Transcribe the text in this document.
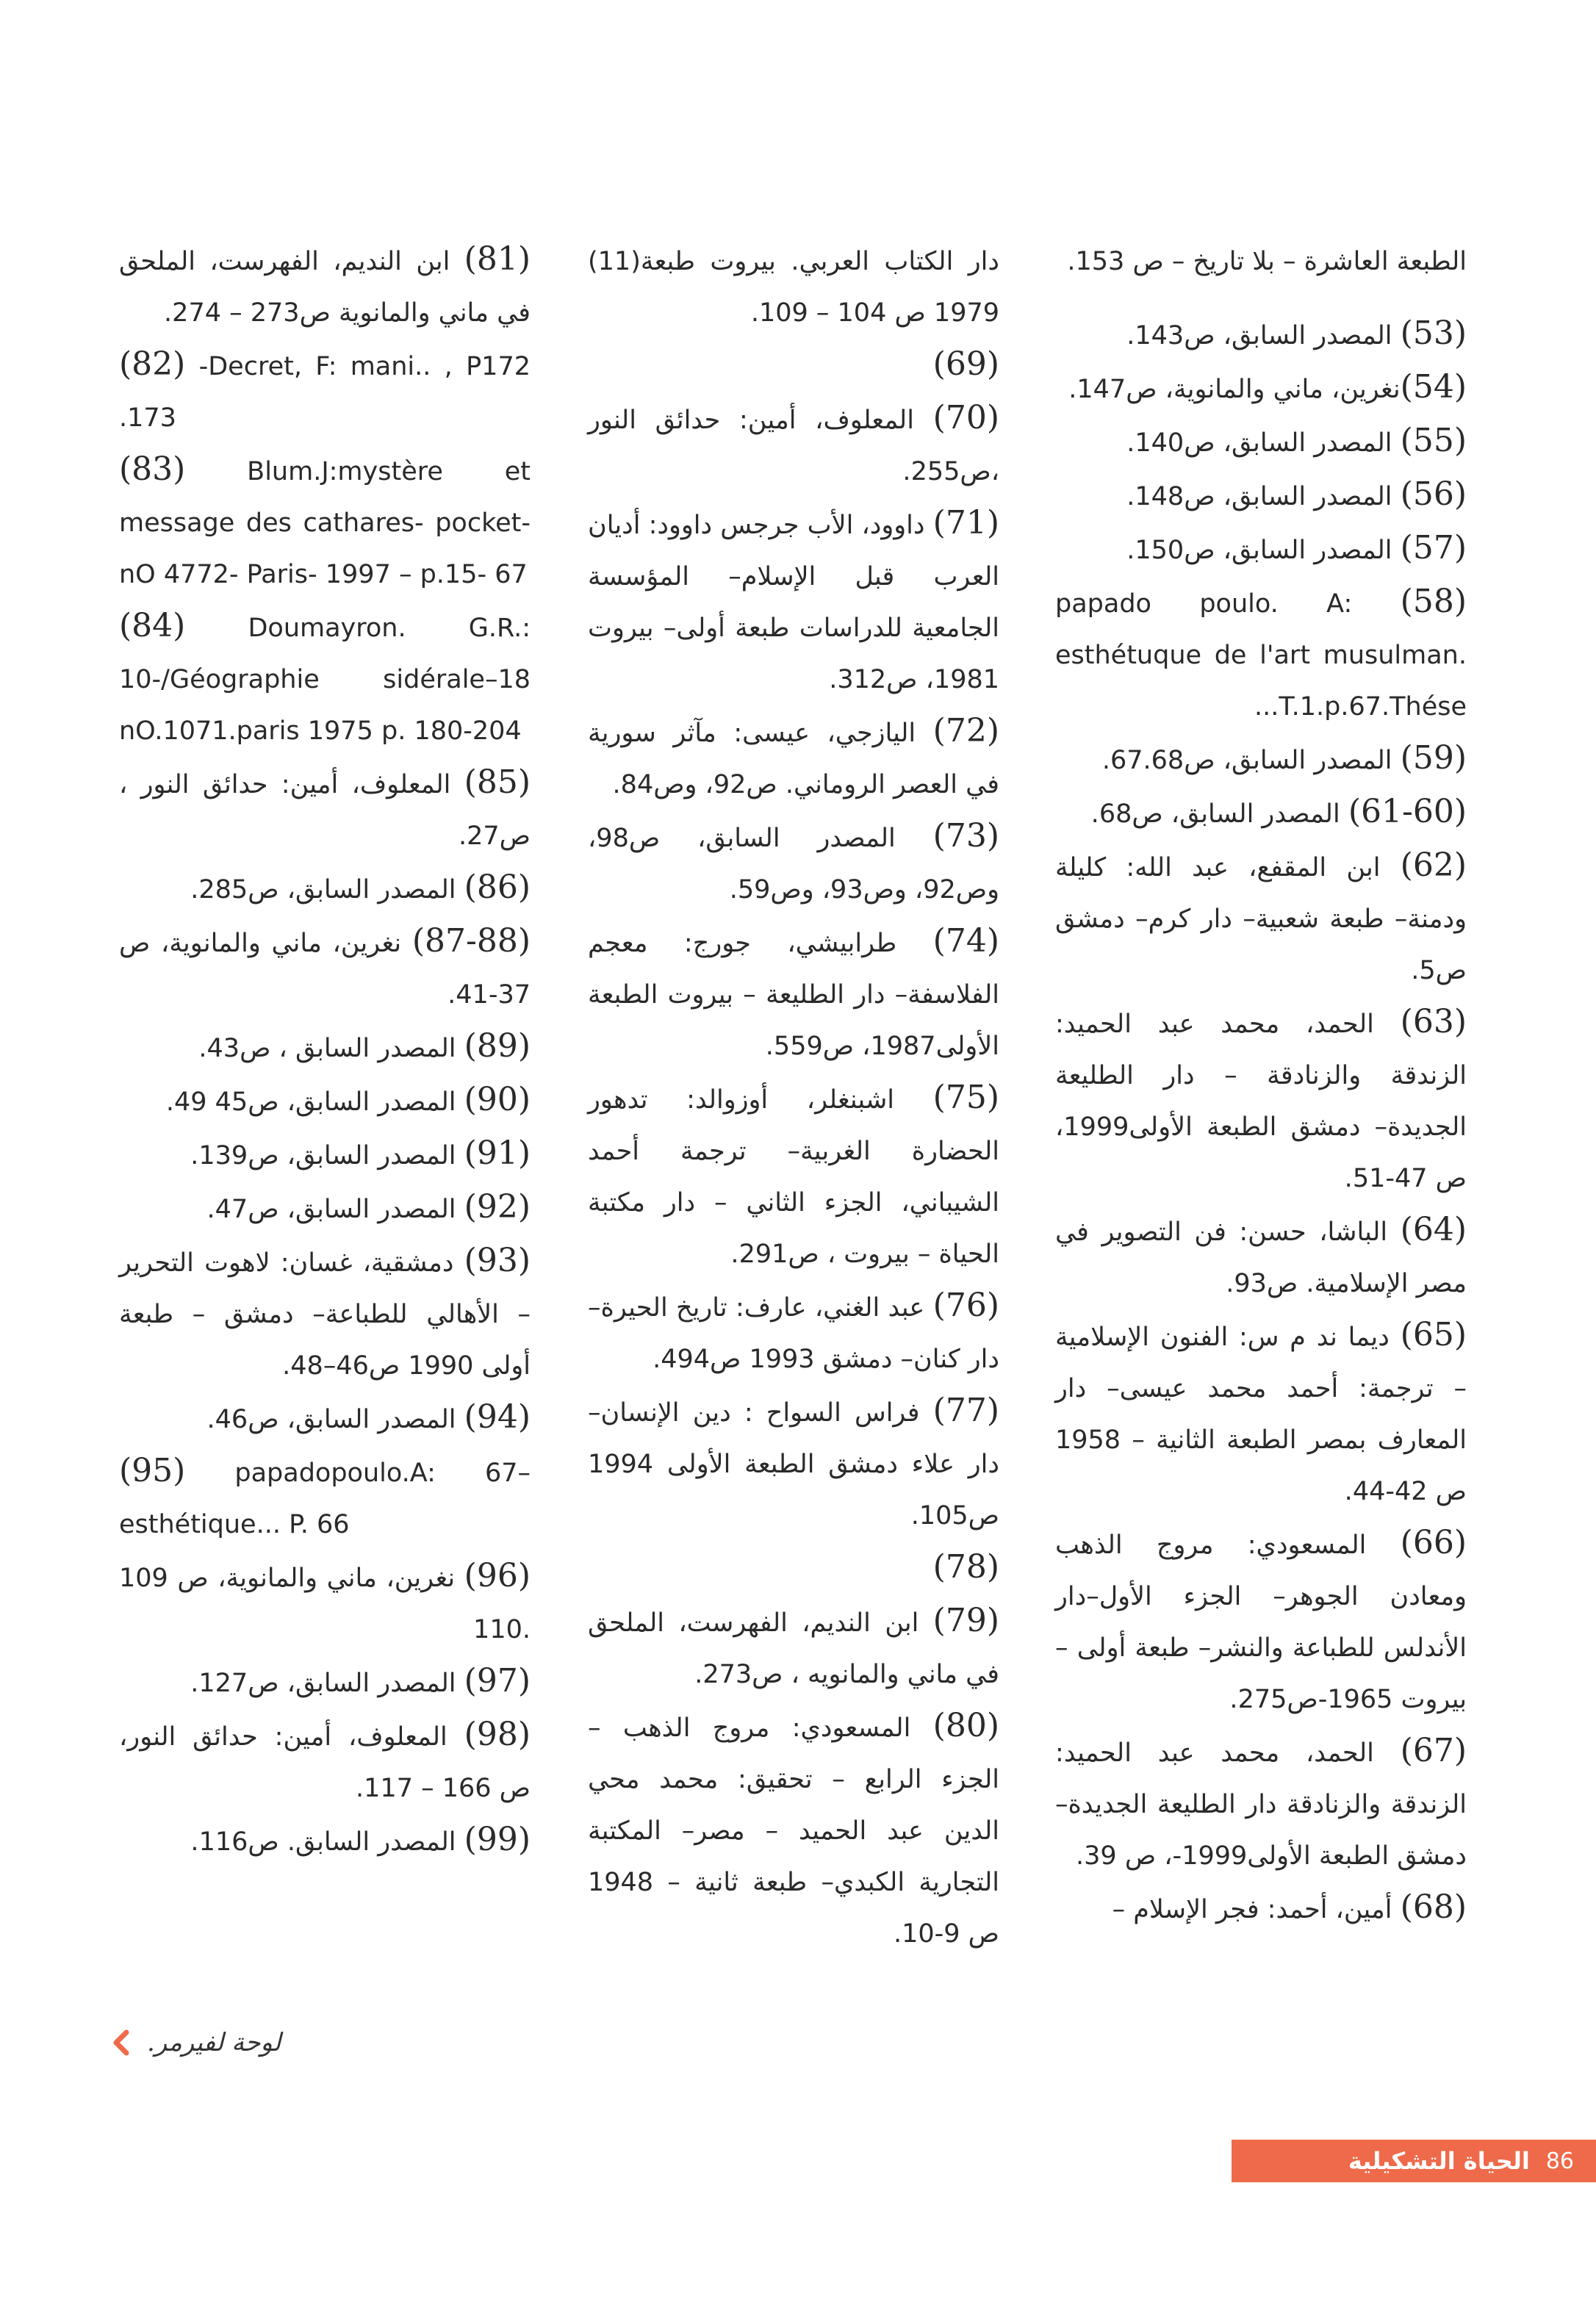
الطبعة العاشرة – بلا تاريخ – ص 153.

(53) المصدر السابق، ص143.

(54)نغرين، ماني والمانوية، ص147.

(55) المصدر السابق، ص140.

(56) المصدر السابق، ص148.

(57) المصدر السابق، ص150.

(58) papado poulo. A: esthétuque de l'art musulman. ...T.1.p.67.Thése

(59) المصدر السابق، ص67.68.

(61-60) المصدر السابق، ص68.

(62) ابن المقفع، عبد الله: كليلة ودمنة– طبعة شعبية– دار كرم– دمشق ص5.

(63) الحمد، محمد عبد الحميد: الزندقة والزنادقة – دار الطليعة الجديدة– دمشق الطبعة الأولى1999، ص 47-51.

(64) الباشا، حسن: فن التصوير في مصر الإسلامية. ص93.

(65) ديما ند م س: الفنون الإسلامية – ترجمة: أحمد محمد عيسى– دار المعارف بمصر الطبعة الثانية – 1958 ص 42-44.

(66) المسعودي: مروج الذهب ومعادن الجوهر– الجزء الأول–دار الأندلس للطباعة والنشر– طبعة أولى – بيروت 1965-ص275.

(67) الحمد، محمد عبد الحميد: الزندقة والزنادقة دار الطليعة الجديدة– دمشق الطبعة الأولى1999-، ص 39.

(68) أمين، أحمد: فجر الإسلام –

دار الكتاب العربي. بيروت طبعة(11) 1979 ص 104 – 109.

(69)

(70) المعلوف، أمين: حدائق النور ،ص255.

(71) داوود، الأب جرجس داوود: أديان العرب قبل الإسلام– المؤسسة الجامعية للدراسات طبعة أولى– بيروت 1981، ص312.

(72) اليازجي، عيسى: مآثر سورية في العصر الروماني. ص92، وص84.

(73) المصدر السابق، ص98، وص92، وص93، وص59.

(74) طرابيشي، جورج: معجم الفلاسفة– دار الطليعة – بيروت الطبعة الأولى1987، ص559.

(75) اشبنغلر، أوزوالد: تدهور الحضارة الغربية– ترجمة أحمد الشيباني، الجزء الثاني – دار مكتبة الحياة – بيروت ، ص291.

(76) عبد الغني، عارف: تاريخ الحيرة– دار كنان– دمشق 1993 ص494.

(77) فراس السواح : دين الإنسان– دار علاء دمشق الطبعة الأولى 1994 ص105.

(78)

(79) ابن النديم، الفهرست، الملحق في ماني والمانويه ، ص273.

(80) المسعودي: مروج الذهب – الجزء الرابع – تحقيق: محمد محي الدين عبد الحميد – مصر– المكتبة التجارية الكبدي– طبعة ثانية – 1948 ص 9-10.

(81) ابن النديم، الفهرست، الملحق في ماني والمانوية ص273 – 274.

(82) -Decret, F: mani.. , P172 .173

(83) Blum.J:mystère et message des cathares- pocket- nO 4772- Paris- 1997 – p.15- 67

(84) Doumayron. G.R.: 10-/Géographie sidérale–18 nO.1071.paris 1975 p. 180-204

(85) المعلوف، أمين: حدائق النور ، ص27.

(86) المصدر السابق، ص285.

(87-88) نغرين، ماني والمانوية، ص 37-41.

(89) المصدر السابق ، ص43.

(90) المصدر السابق، ص45 49.

(91) المصدر السابق، ص139.

(92) المصدر السابق، ص47.

(93) دمشقية، غسان: لاهوت التحرير – الأهالي للطباعة– دمشق – طبعة أولى 1990 ص46–48.

(94) المصدر السابق، ص46.

(95) papadopoulo.A: 67–esthétique... P. 66

(96) نغرين، ماني والمانوية، ص 109 .110

(97) المصدر السابق، ص127.

(98) المعلوف، أمين: حدائق النور، ص 166 – 117.

(99) المصدر السابق. ص116.

لوحة لفيرمر.
الحياة التشكيلية 86
